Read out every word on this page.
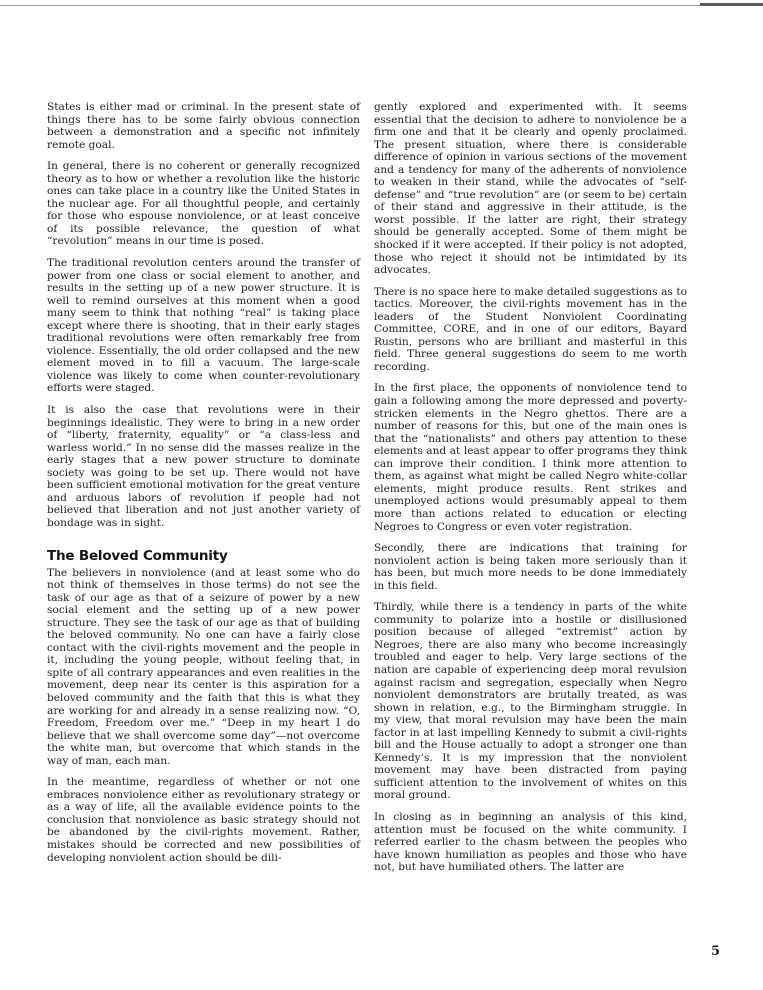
States is either mad or criminal. In the present state of things there has to be some fairly obvious connection between a demonstration and a specific not infinitely remote goal.

In general, there is no coherent or generally recognized theory as to how or whether a revolution like the historic ones can take place in a country like the United States in the nuclear age. For all thoughtful people, and certainly for those who espouse nonviolence, or at least conceive of its possible relevance, the question of what “revolution” means in our time is posed.

The traditional revolution centers around the transfer of power from one class or social element to another, and results in the setting up of a new power structure. It is well to remind ourselves at this moment when a good many seem to think that nothing “real” is taking place except where there is shooting, that in their early stages traditional revolutions were often remarkably free from violence. Essentially, the old order collapsed and the new element moved in to fill a vacuum. The large-scale violence was likely to come when counter-revolutionary efforts were staged.

It is also the case that revolutions were in their beginnings idealistic. They were to bring in a new order of “liberty, fraternity, equality” or “a class-less and warless world.” In no sense did the masses realize in the early stages that a new power structure to dominate society was going to be set up. There would not have been sufficient emotional motivation for the great venture and arduous labors of revolution if people had not believed that liberation and not just another variety of bondage was in sight.

The Beloved Community

The believers in nonviolence (and at least some who do not think of themselves in those terms) do not see the task of our age as that of a seizure of power by a new social element and the setting up of a new power structure. They see the task of our age as that of building the beloved community. No one can have a fairly close contact with the civil-rights movement and the people in it, including the young people, without feeling that, in spite of all contrary appearances and even realities in the movement, deep near its center is this aspiration for a beloved community and the faith that this is what they are working for and already in a sense realizing now. “O, Freedom, Freedom over me.” “Deep in my heart I do believe that we shall overcome some day”—not overcome the white man, but overcome that which stands in the way of man, each man.

In the meantime, regardless of whether or not one embraces nonviolence either as revolutionary strategy or as a way of life, all the available evidence points to the conclusion that nonviolence as basic strategy should not be abandoned by the civil-rights movement. Rather, mistakes should be corrected and new possibilities of developing nonviolent action should be dili-

gently explored and experimented with. It seems essential that the decision to adhere to nonviolence be a firm one and that it be clearly and openly proclaimed. The present situation, where there is considerable difference of opinion in various sections of the movement and a tendency for many of the adherents of nonviolence to weaken in their stand, while the advocates of “self-defense” and “true revolution” are (or seem to be) certain of their stand and aggressive in their attitude, is the worst possible. If the latter are right, their strategy should be generally accepted. Some of them might be shocked if it were accepted. If their policy is not adopted, those who reject it should not be intimidated by its advocates.

There is no space here to make detailed suggestions as to tactics. Moreover, the civil-rights movement has in the leaders of the Student Nonviolent Coordinating Committee, CORE, and in one of our editors, Bayard Rustin, persons who are brilliant and masterful in this field. Three general suggestions do seem to me worth recording.

In the first place, the opponents of nonviolence tend to gain a following among the more depressed and poverty-stricken elements in the Negro ghettos. There are a number of reasons for this, but one of the main ones is that the “nationalists” and others pay attention to these elements and at least appear to offer programs they think can improve their condition. I think more attention to them, as against what might be called Negro white-collar elements, might produce results. Rent strikes and unemployed actions would presumably appeal to them more than actions related to education or electing Negroes to Congress or even voter registration.

Secondly, there are indications that training for nonviolent action is being taken more seriously than it has been, but much more needs to be done immediately in this field.

Thirdly, while there is a tendency in parts of the white community to polarize into a hostile or disillusioned position because of alleged “extremist” action by Negroes, there are also many who become increasingly troubled and eager to help. Very large sections of the nation are capable of experiencing deep moral revulsion against racism and segregation, especially when Negro nonviolent demonstrators are brutally treated, as was shown in relation, e.g., to the Birmingham struggle. In my view, that moral revulsion may have been the main factor in at last impelling Kennedy to submit a civil-rights bill and the House actually to adopt a stronger one than Kennedy’s. It is my impression that the nonviolent movement may have been distracted from paying sufficient attention to the involvement of whites on this moral ground.

In closing as in beginning an analysis of this kind, attention must be focused on the white community. I referred earlier to the chasm between the peoples who have known humiliation as peoples and those who have not, but have humiliated others. The latter are

5
